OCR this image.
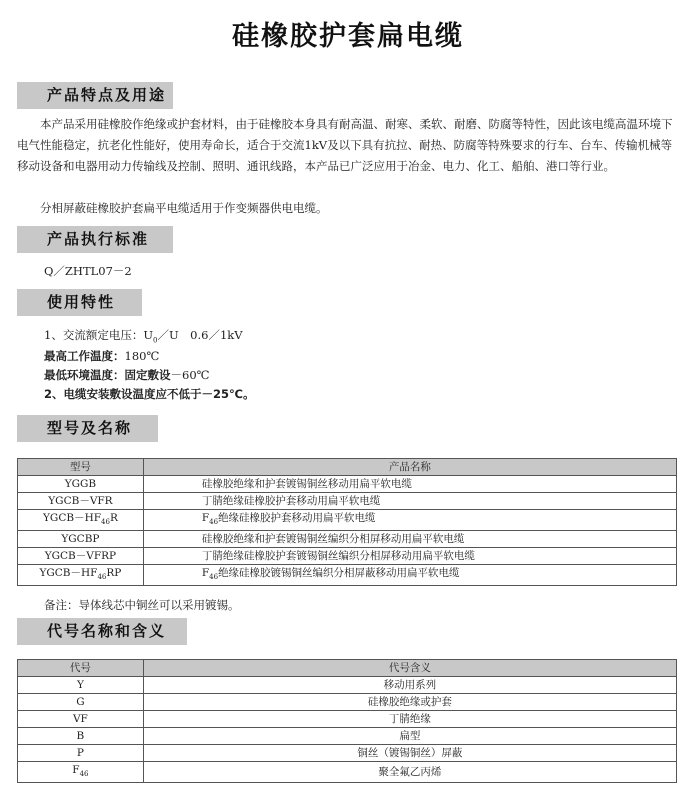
硅橡胶护套扁电缆
产品特点及用途

本产品采用硅橡胶作绝缘或护套材料，由于硅橡胶本身具有耐高温、耐寒、柔软、耐磨、防腐等特性，因此该电缆高温环境下电气性能稳定，抗老化性能好，使用寿命长，适合于交流1kV及以下具有抗拉、耐热、防腐等特殊要求的行车、台车、传输机械等移动设备和电器用动力传输线及控制、照明、通讯线路，本产品已广泛应用于冶金、电力、化工、船舶、港口等行业。

分相屏蔽硅橡胶护套扁平电缆适用于作变频器供电电缆。

产品执行标准
Q／ZHTL07－2
使用特性
1、交流额定电压：$U_0/U$　0.6／1kV
最高工作温度：180℃
最低环境温度：固定敷设－60℃
2、电缆安装敷设温度应不低于－25℃。
型号及名称
型号	产品名称
YGGB	硅橡胶绝缘和护套镀锡铜丝移动用扁平软电缆
YGCB－VFR	丁腈绝缘硅橡胶护套移动用扁平软电缆
$YGCB-HF_{46}R$	$F_{46}$绝缘硅橡胶护套移动用扁平软电缆
YGCBP	硅橡胶绝缘和护套镀锡铜丝编织分相屏移动用扁平软电缆
YGCB－VFRP	丁腈绝缘硅橡胶护套镀锡铜丝编织分相屏移动用扁平软电缆
$YGCB-HF_{46}RP$	$F_{46}$绝缘硅橡胶镀锡铜丝编织分相屏蔽移动用扁平软电缆
备注：导体线芯中铜丝可以采用镀锡。
代号名称和含义
代号	代号含义
Y	移动用系列
G	硅橡胶绝缘或护套
VF	丁腈绝缘
B	扁型
P	铜丝（镀锡铜丝）屏蔽
$F_{46}$	聚全氟乙丙烯
